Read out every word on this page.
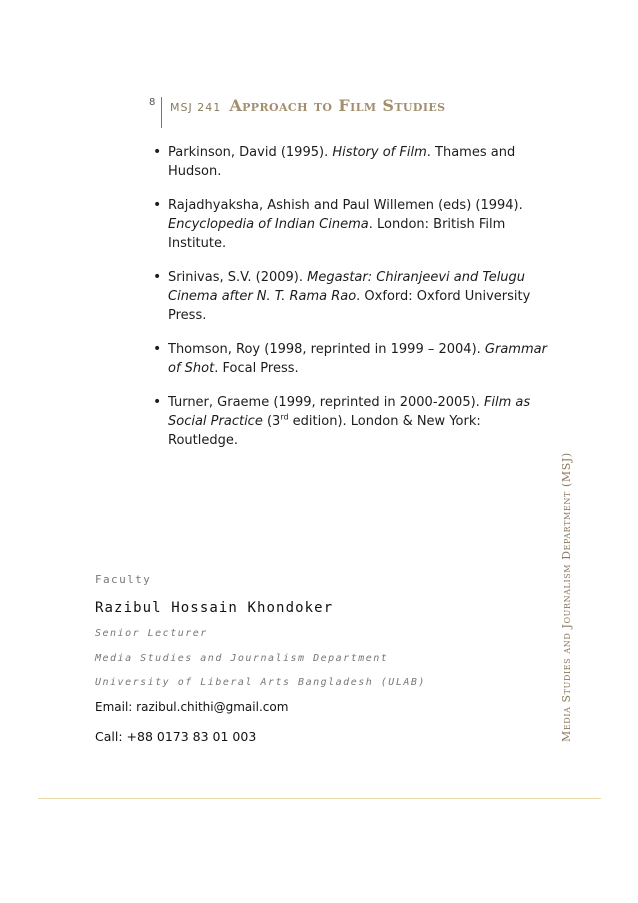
8 MSJ 241 Approach to Film Studies
• Parkinson, David (1995). History of Film. Thames and Hudson.
• Rajadhyaksha, Ashish and Paul Willemen (eds) (1994). Encyclopedia of Indian Cinema. London: British Film Institute.
• Srinivas, S.V. (2009). Megastar: Chiranjeevi and Telugu Cinema after N. T. Rama Rao. Oxford: Oxford University Press.
• Thomson, Roy (1998, reprinted in 1999 – 2004). Grammar of Shot. Focal Press.
• Turner, Graeme (1999, reprinted in 2000-2005). Film as Social Practice (3rd edition). London & New York: Routledge.
Faculty
Razibul Hossain Khondoker
Senior Lecturer
Media Studies and Journalism Department
University of Liberal Arts Bangladesh (ULAB)
Email: razibul.chithi@gmail.com
Call: +88 0173 83 01 003	Media Studies and Journalism Department (MSJ)
